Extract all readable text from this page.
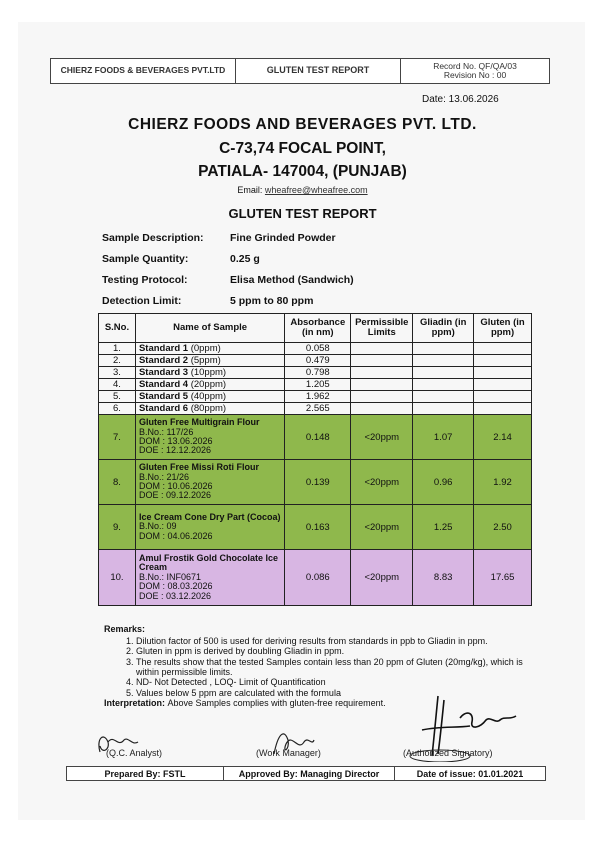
CHIERZ FOODS & BEVERAGES PVT.LTD	GLUTEN TEST REPORT	Record No. QF/QA/03
Revision No : 00
Date: 13.06.2026
CHIERZ FOODS AND BEVERAGES PVT. LTD.
C-73,74 FOCAL POINT,
PATIALA- 147004, (PUNJAB)
Email: wheafree@wheafree.com
GLUTEN TEST REPORT
Sample Description:	Fine Grinded Powder
Sample Quantity:	0.25 g
Testing Protocol:	Elisa Method (Sandwich)
Detection Limit:	5 ppm to 80 ppm
S.No.	Name of Sample	Absorbance (in nm)	Permissible Limits	Gliadin (in ppm)	Gluten (in ppm)
1.	Standard 1 (0ppm)	0.058			
2.	Standard 2 (5ppm)	0.479			
3.	Standard 3 (10ppm)	0.798			
4.	Standard 4 (20ppm)	1.205			
5.	Standard 5 (40ppm)	1.962			
6.	Standard 6 (80ppm)	2.565			
7.	Gluten Free Multigrain Flour
B.No.: 117/26
DOM : 13.06.2026
DOE : 12.12.2026	0.148	<20ppm	1.07	2.14
8.	Gluten Free Missi Roti Flour
B.No.: 21/26
DOM : 10.06.2026
DOE : 09.12.2026	0.139	<20ppm	0.96	1.92
9.	Ice Cream Cone Dry Part (Cocoa)
B.No.: 09
DOM : 04.06.2026	0.163	<20ppm	1.25	2.50
10.	Amul Frostik Gold Chocolate Ice Cream
B.No.: INF0671
DOM : 08.03.2026
DOE : 03.12.2026	0.086	<20ppm	8.83	17.65
Remarks:
1. Dilution factor of 500 is used for deriving results from standards in ppb to Gliadin in ppm.
2. Gluten in ppm is derived by doubling Gliadin in ppm.
3. The results show that the tested Samples contain less than 20 ppm of Gluten (20mg/kg), which is within permissible limits.
4. ND- Not Detected , LOQ- Limit of Quantification
5. Values below 5 ppm are calculated with the formula
Interpretation: Above Samples complies with gluten-free requirement.
(Q.C. Analyst)	(Work Manager)	(Authorized Signatory)
Prepared By: FSTL	Approved By: Managing Director	Date of issue: 01.01.2021
